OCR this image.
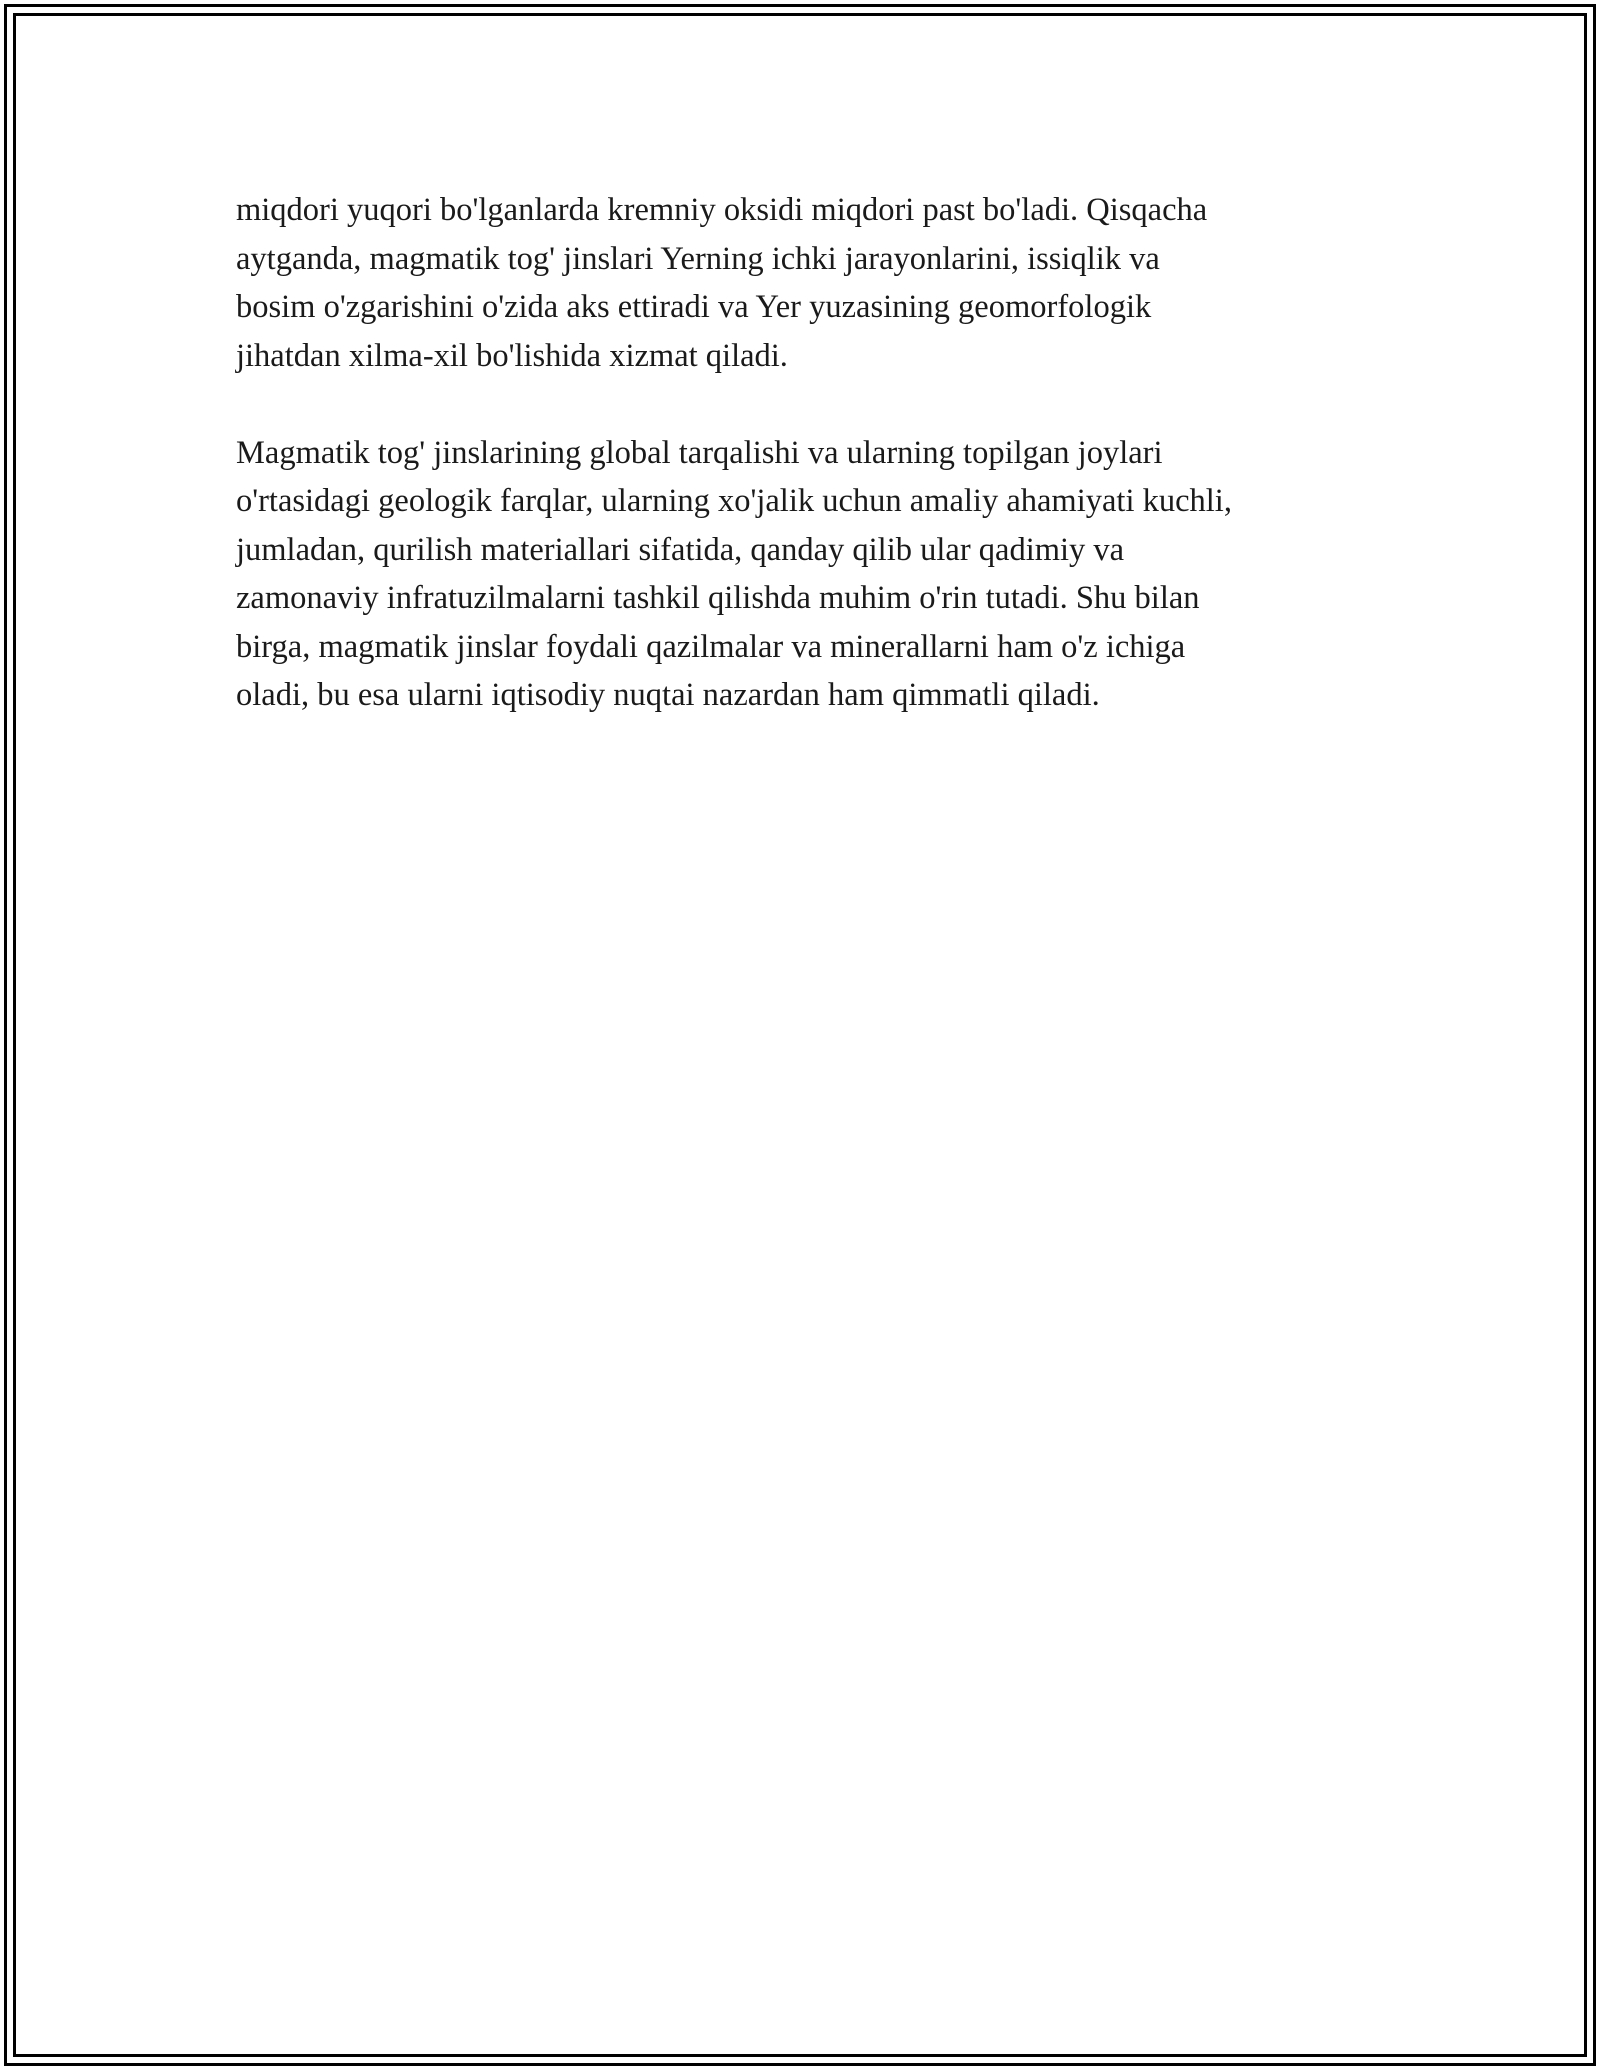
miqdori yuqori bo'lganlarda kremniy oksidi miqdori past bo'ladi. Qisqacha
aytganda, magmatik tog' jinslari Yerning ichki jarayonlarini, issiqlik va
bosim o'zgarishini o'zida aks ettiradi va Yer yuzasining geomorfologik
jihatdan xilma-xil bo'lishida xizmat qiladi.

Magmatik tog' jinslarining global tarqalishi va ularning topilgan joylari
o'rtasidagi geologik farqlar, ularning xo'jalik uchun amaliy ahamiyati kuchli,
jumladan, qurilish materiallari sifatida, qanday qilib ular qadimiy va
zamonaviy infratuzilmalarni tashkil qilishda muhim o'rin tutadi. Shu bilan
birga, magmatik jinslar foydali qazilmalar va minerallarni ham o'z ichiga
oladi, bu esa ularni iqtisodiy nuqtai nazardan ham qimmatli qiladi.
